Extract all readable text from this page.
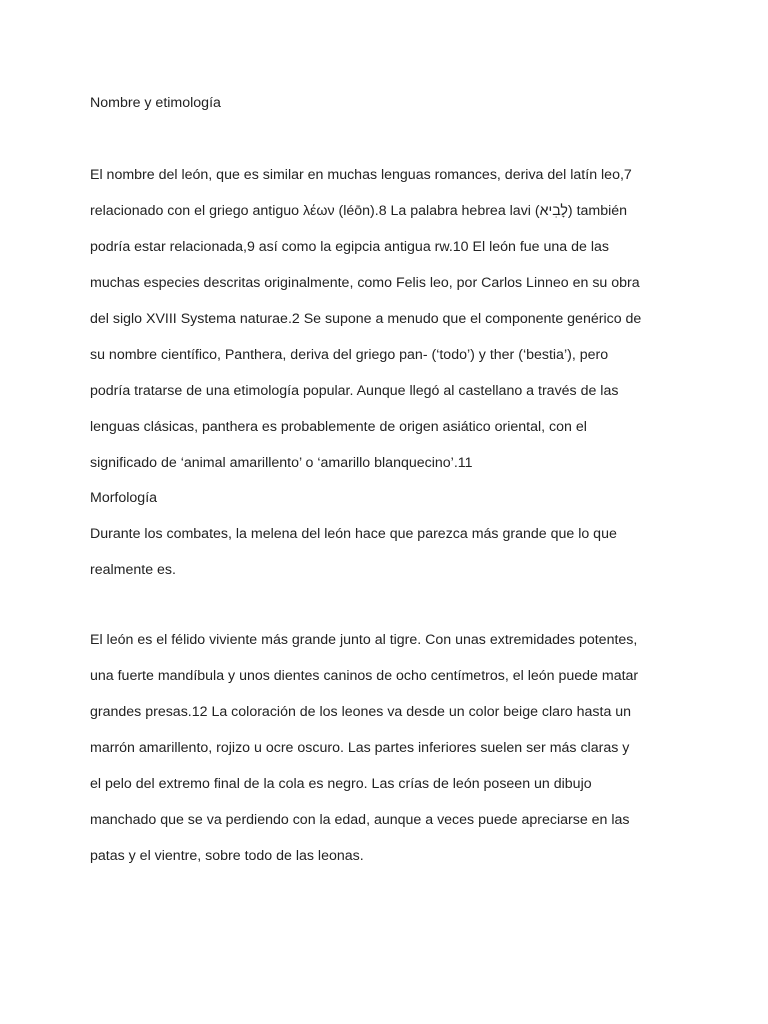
Nombre y etimología
El nombre del león, que es similar en muchas lenguas romances, deriva del latín leo,7
relacionado con el griego antiguo λέων (léōn).8 La palabra hebrea lavi (לָבִיא) también
podría estar relacionada,9 así como la egipcia antigua rw.10 El león fue una de las
muchas especies descritas originalmente, como Felis leo, por Carlos Linneo en su obra
del siglo XVIII Systema naturae.2 Se supone a menudo que el componente genérico de
su nombre científico, Panthera, deriva del griego pan- (‘todo’) y ther (‘bestia’), pero
podría tratarse de una etimología popular. Aunque llegó al castellano a través de las
lenguas clásicas, panthera es probablemente de origen asiático oriental, con el
significado de ‘animal amarillento’ o ‘amarillo blanquecino’.11
Morfología
Durante los combates, la melena del león hace que parezca más grande que lo que
realmente es.
El león es el félido viviente más grande junto al tigre. Con unas extremidades potentes,
una fuerte mandíbula y unos dientes caninos de ocho centímetros, el león puede matar
grandes presas.12 La coloración de los leones va desde un color beige claro hasta un
marrón amarillento, rojizo u ocre oscuro. Las partes inferiores suelen ser más claras y
el pelo del extremo final de la cola es negro. Las crías de león poseen un dibujo
manchado que se va perdiendo con la edad, aunque a veces puede apreciarse en las
patas y el vientre, sobre todo de las leonas.
